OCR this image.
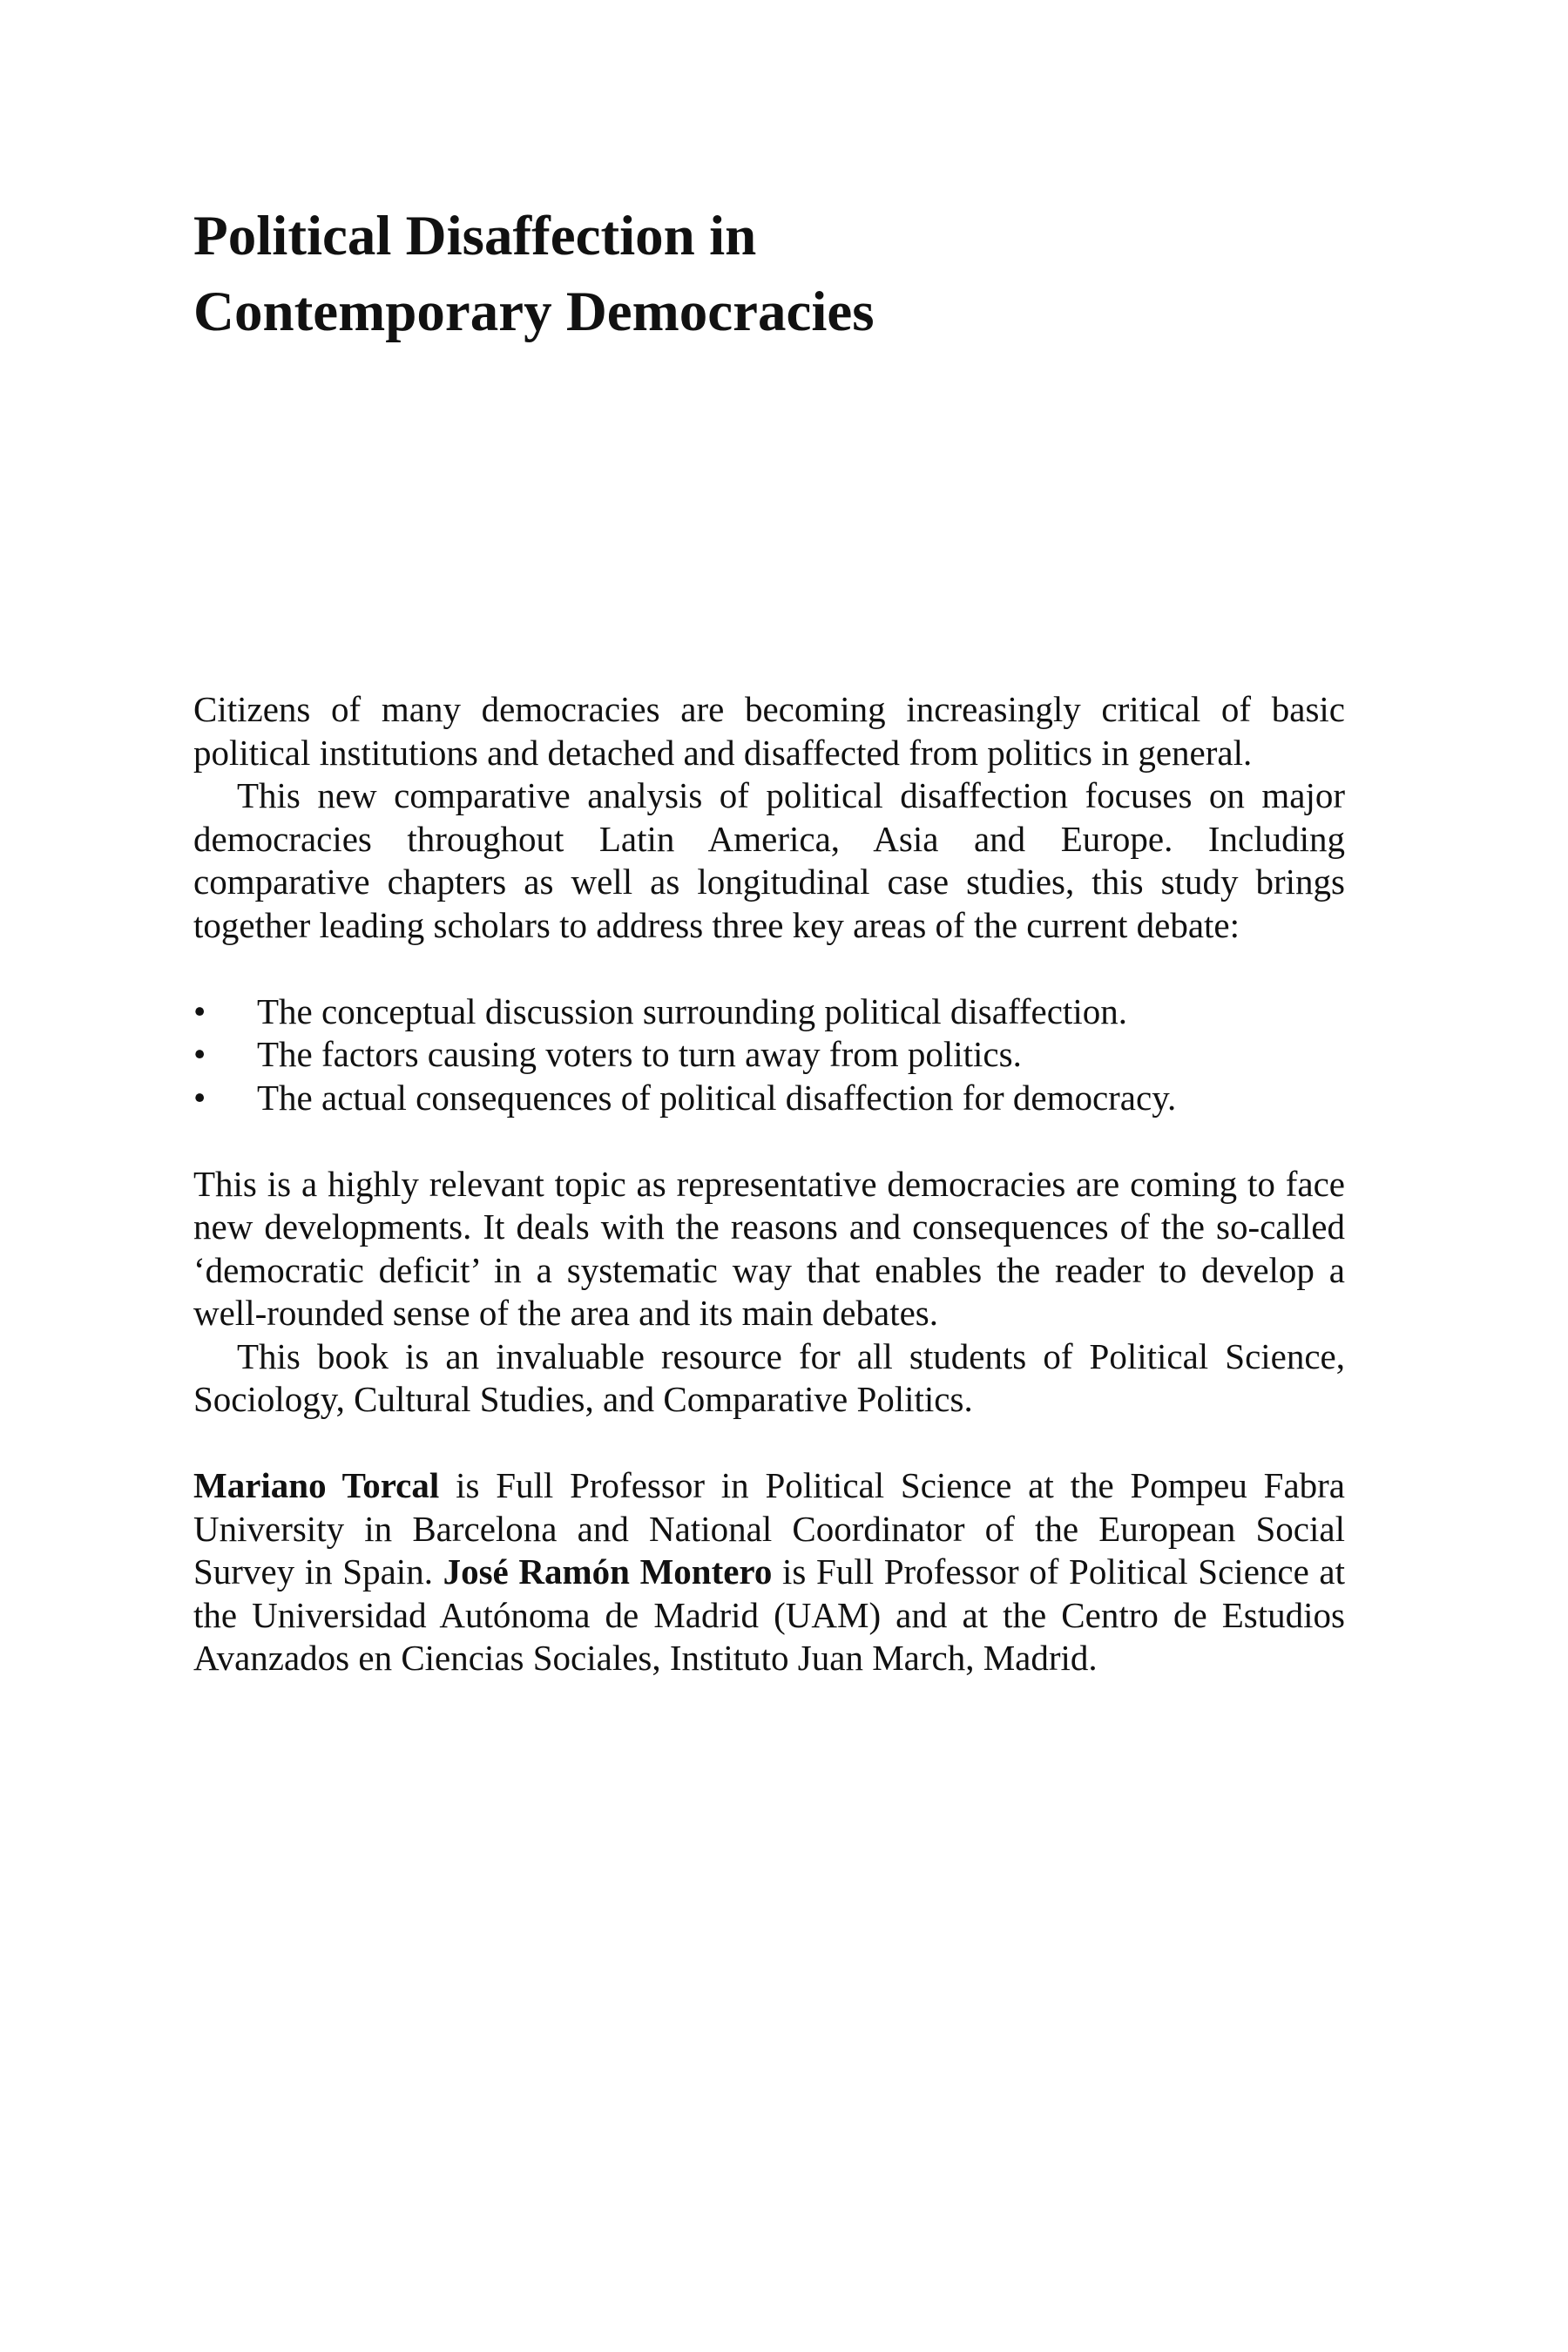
Political Disaffection in
Contemporary Democracies

Citizens of many democracies are becoming increasingly critical of basic political institutions and detached and disaffected from politics in general.

This new comparative analysis of political disaffection focuses on major democracies throughout Latin America, Asia and Europe. Including comparative chapters as well as longitudinal case studies, this study brings together leading scholars to address three key areas of the current debate:

• The conceptual discussion surrounding political disaffection.
• The factors causing voters to turn away from politics.
• The actual consequences of political disaffection for democracy.

This is a highly relevant topic as representative democracies are coming to face new developments. It deals with the reasons and consequences of the so-called ‘democratic deficit’ in a systematic way that enables the reader to develop a well-rounded sense of the area and its main debates.

This book is an invaluable resource for all students of Political Science, Sociology, Cultural Studies, and Comparative Politics.

Mariano Torcal is Full Professor in Political Science at the Pompeu Fabra University in Barcelona and National Coordinator of the European Social Survey in Spain. José Ramón Montero is Full Professor of Political Science at the Universidad Autónoma de Madrid (UAM) and at the Centro de Estudios Avanzados en Ciencias Sociales, Instituto Juan March, Madrid.
